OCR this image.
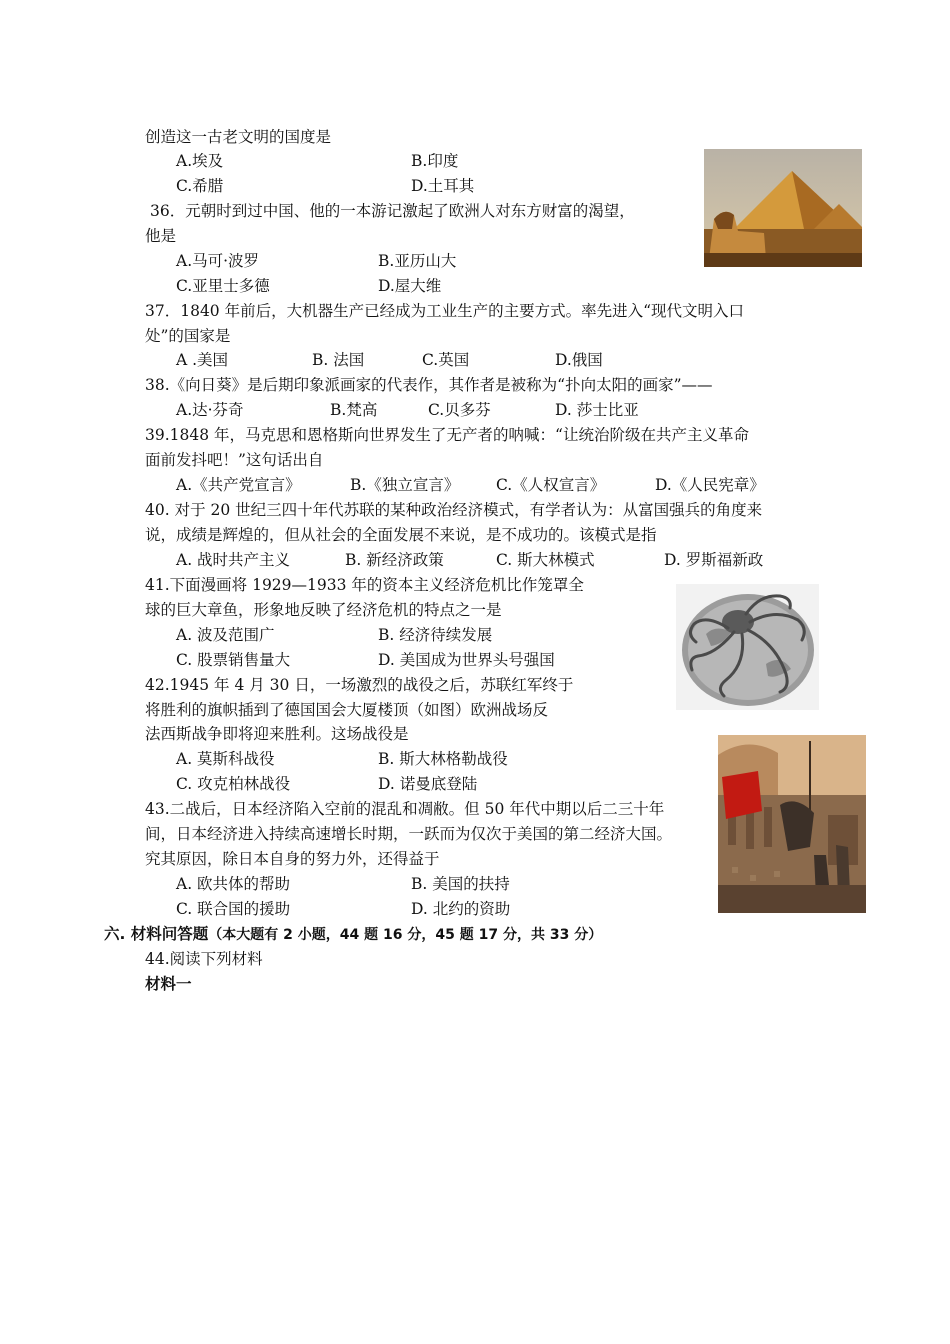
创造这一古老文明的国度是
A.埃及	B.印度
C.希腊	D.土耳其
36．元朝时到过中国、他的一本游记激起了欧洲人对东方财富的渴望，
他是
A.马可·波罗	B.亚历山大
C.亚里士多德	D.屋大维
37．1840 年前后，大机器生产已经成为工业生产的主要方式。率先进入“现代文明入口
处”的国家是
A .美国	B. 法国	C.英国	D.俄国
38.《向日葵》是后期印象派画家的代表作，其作者是被称为“扑向太阳的画家”——
A.达·芬奇	B.梵高	C.贝多芬	D. 莎士比亚
39.1848 年，马克思和恩格斯向世界发生了无产者的呐喊：“让统治阶级在共产主义革命
面前发抖吧！”这句话出自
A.《共产党宣言》	B.《独立宣言》 C.《人权宣言》	D.《人民宪章》
40. 对于 20 世纪三四十年代苏联的某种政治经济模式，有学者认为：从富国强兵的角度来
说，成绩是辉煌的，但从社会的全面发展不来说，是不成功的。该模式是指
A. 战时共产主义	B. 新经济政策	C. 斯大林模式	D. 罗斯福新政
41.下面漫画将 1929—1933 年的资本主义经济危机比作笼罩全
球的巨大章鱼，形象地反映了经济危机的特点之一是
A. 波及范围广	B. 经济待续发展
C. 股票销售量大	D. 美国成为世界头号强国
42.1945 年 4 月 30 日，一场激烈的战役之后，苏联红军终于
将胜利的旗帜插到了德国国会大厦楼顶（如图）欧洲战场反
法西斯战争即将迎来胜利。这场战役是
A. 莫斯科战役	B. 斯大林格勒战役
C. 攻克柏林战役	D. 诺曼底登陆
43.二战后，日本经济陷入空前的混乱和凋敝。但 50 年代中期以后二三十年
间，日本经济进入持续高速增长时期，一跃而为仅次于美国的第二经济大国。
究其原因，除日本自身的努力外，还得益于
A. 欧共体的帮助	B. 美国的扶持
C. 联合国的援助	D. 北约的资助
六. 材料问答题（本大题有 2 小题，44 题 16 分，45 题 17 分，共 33 分）
44.阅读下列材料
材料一
